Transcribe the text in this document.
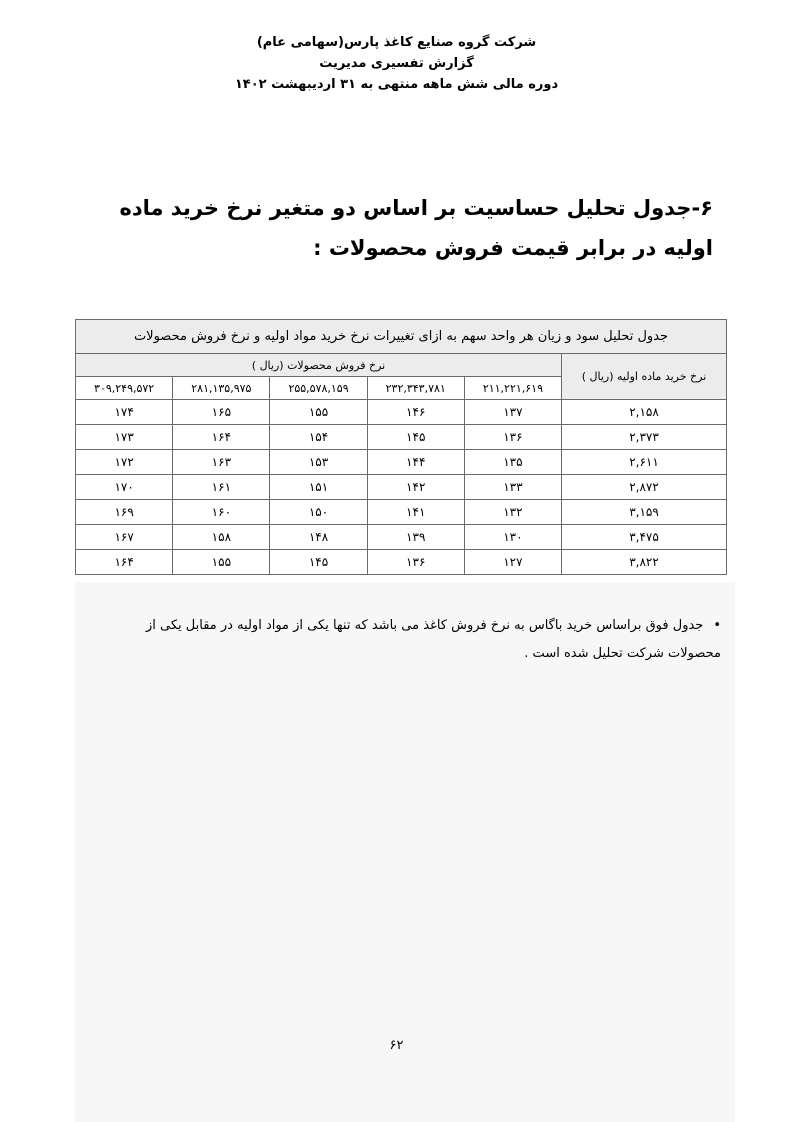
شرکت گروه صنایع کاغذ پارس(سهامی عام)
گزارش تفسیری مدیریت
دوره مالی شش ماهه منتهی به ۳۱ اردیبهشت ۱۴۰۲
۶-جدول تحلیل حساسیت بر اساس دو متغیر نرخ خرید ماده اولیه در برابر قیمت فروش محصولات :
جدول تحلیل سود و زیان هر واحد سهم به ازای تغییرات نرخ خرید مواد اولیه و نرخ فروش محصولات					
نرخ خرید ماده اولیه (ریال )	نرخ فروش محصولات (ریال )				
	۲۱۱,۲۲۱,۶۱۹	۲۳۲,۳۴۳,۷۸۱	۲۵۵,۵۷۸,۱۵۹	۲۸۱,۱۳۵,۹۷۵	۳۰۹,۲۴۹,۵۷۲
۲,۱۵۸	۱۳۷	۱۴۶	۱۵۵	۱۶۵	۱۷۴
۲,۳۷۳	۱۳۶	۱۴۵	۱۵۴	۱۶۴	۱۷۳
۲,۶۱۱	۱۳۵	۱۴۴	۱۵۳	۱۶۳	۱۷۲
۲,۸۷۲	۱۳۳	۱۴۲	۱۵۱	۱۶۱	۱۷۰
۳,۱۵۹	۱۳۲	۱۴۱	۱۵۰	۱۶۰	۱۶۹
۳,۴۷۵	۱۳۰	۱۳۹	۱۴۸	۱۵۸	۱۶۷
۳,۸۲۲	۱۲۷	۱۳۶	۱۴۵	۱۵۵	۱۶۴
•جدول فوق براساس خرید باگاس به نرخ فروش کاغذ می باشد که تنها یکی از مواد اولیه در مقابل یکی از محصولات شرکت تحلیل شده است .
۶۲
